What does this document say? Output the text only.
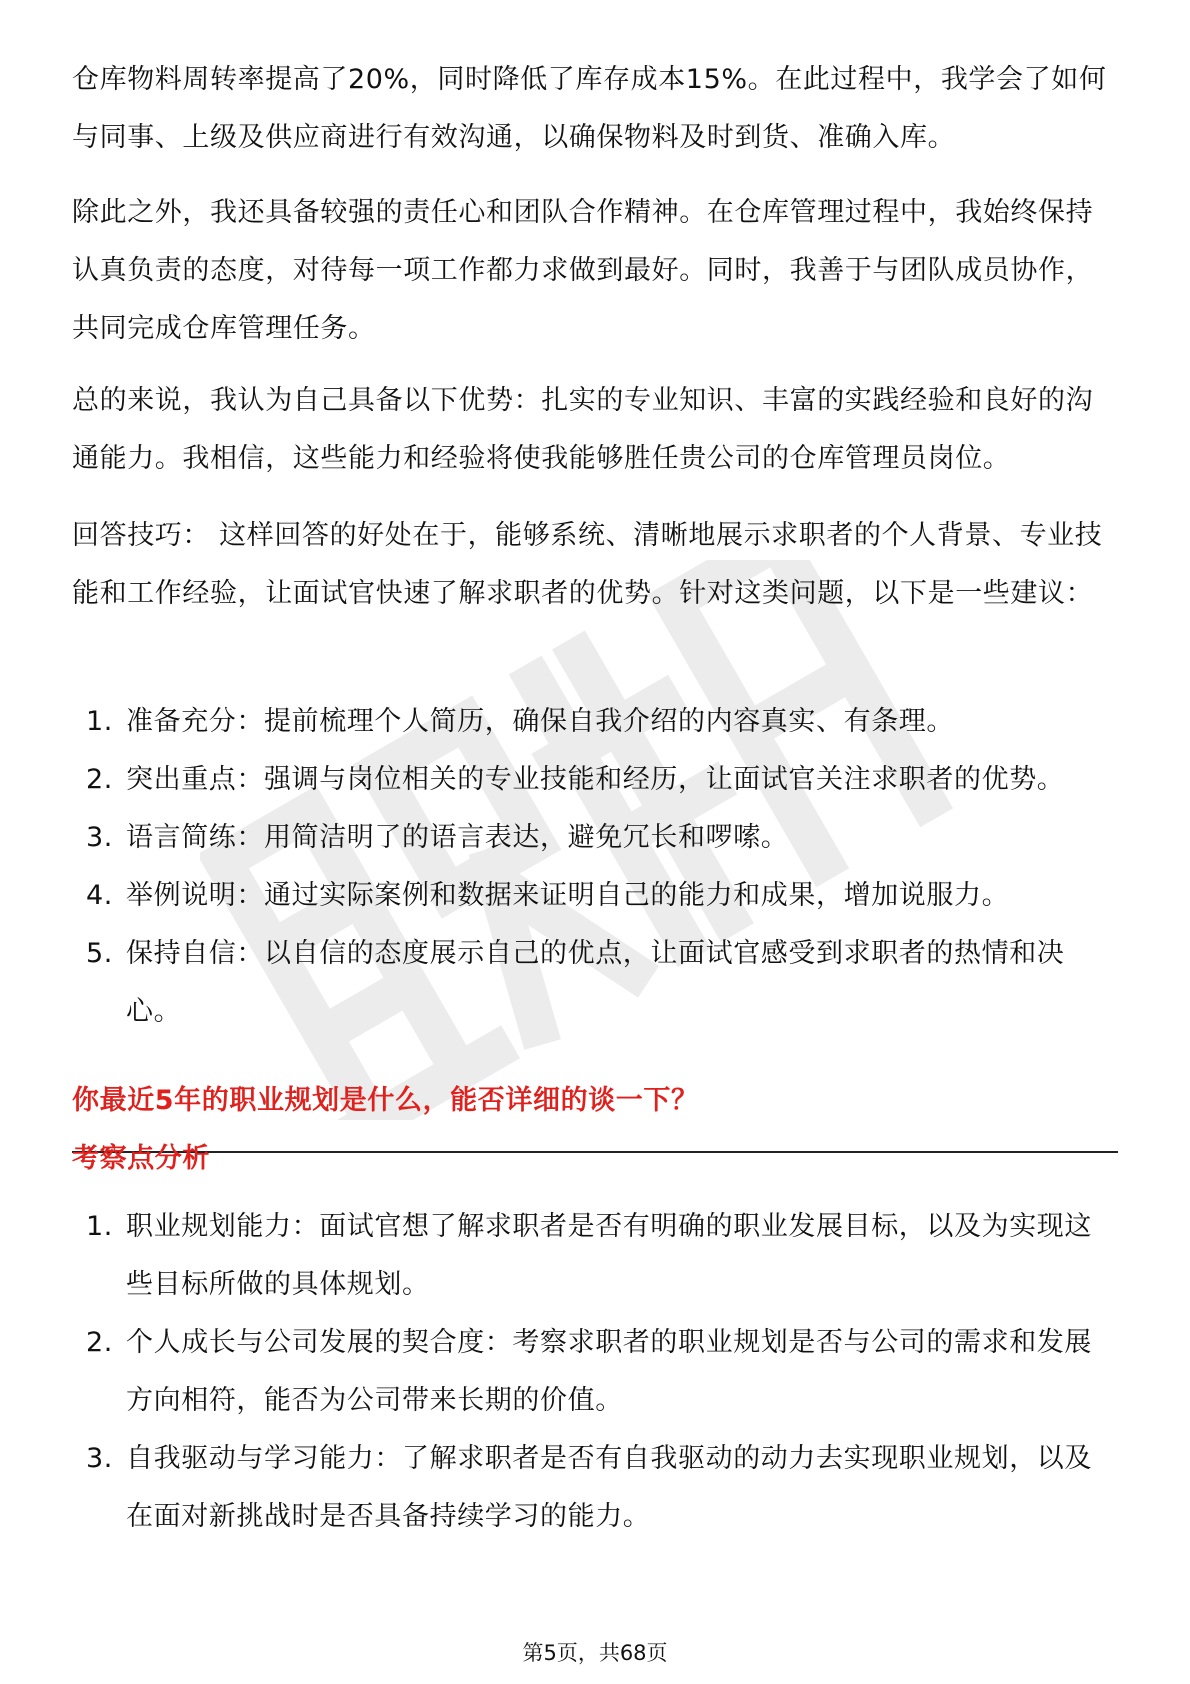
仓库物料周转率提高了20%，同时降低了库存成本15%。在此过程中，我学会了如何与同事、上级及供应商进行有效沟通，以确保物料及时到货、准确入库。

除此之外，我还具备较强的责任心和团队合作精神。在仓库管理过程中，我始终保持认真负责的态度，对待每一项工作都力求做到最好。同时，我善于与团队成员协作，共同完成仓库管理任务。

总的来说，我认为自己具备以下优势：扎实的专业知识、丰富的实践经验和良好的沟通能力。我相信，这些能力和经验将使我能够胜任贵公司的仓库管理员岗位。

回答技巧： 这样回答的好处在于，能够系统、清晰地展示求职者的个人背景、专业技能和工作经验，让面试官快速了解求职者的优势。针对这类问题，以下是一些建议：

1. 准备充分：提前梳理个人简历，确保自我介绍的内容真实、有条理。
2. 突出重点：强调与岗位相关的专业技能和经历，让面试官关注求职者的优势。
3. 语言简练：用简洁明了的语言表达，避免冗长和啰嗦。
4. 举例说明：通过实际案例和数据来证明自己的能力和成果，增加说服力。
5. 保持自信：以自信的态度展示自己的优点，让面试官感受到求职者的热情和决心。
你最近5年的职业规划是什么，能否详细的谈一下？
考察点分析
1. 职业规划能力：面试官想了解求职者是否有明确的职业发展目标，以及为实现这些目标所做的具体规划。
2. 个人成长与公司发展的契合度：考察求职者的职业规划是否与公司的需求和发展方向相符，能否为公司带来长期的价值。
3. 自我驱动与学习能力：了解求职者是否有自我驱动的动力去实现职业规划，以及在面对新挑战时是否具备持续学习的能力。
第5页，共68页
